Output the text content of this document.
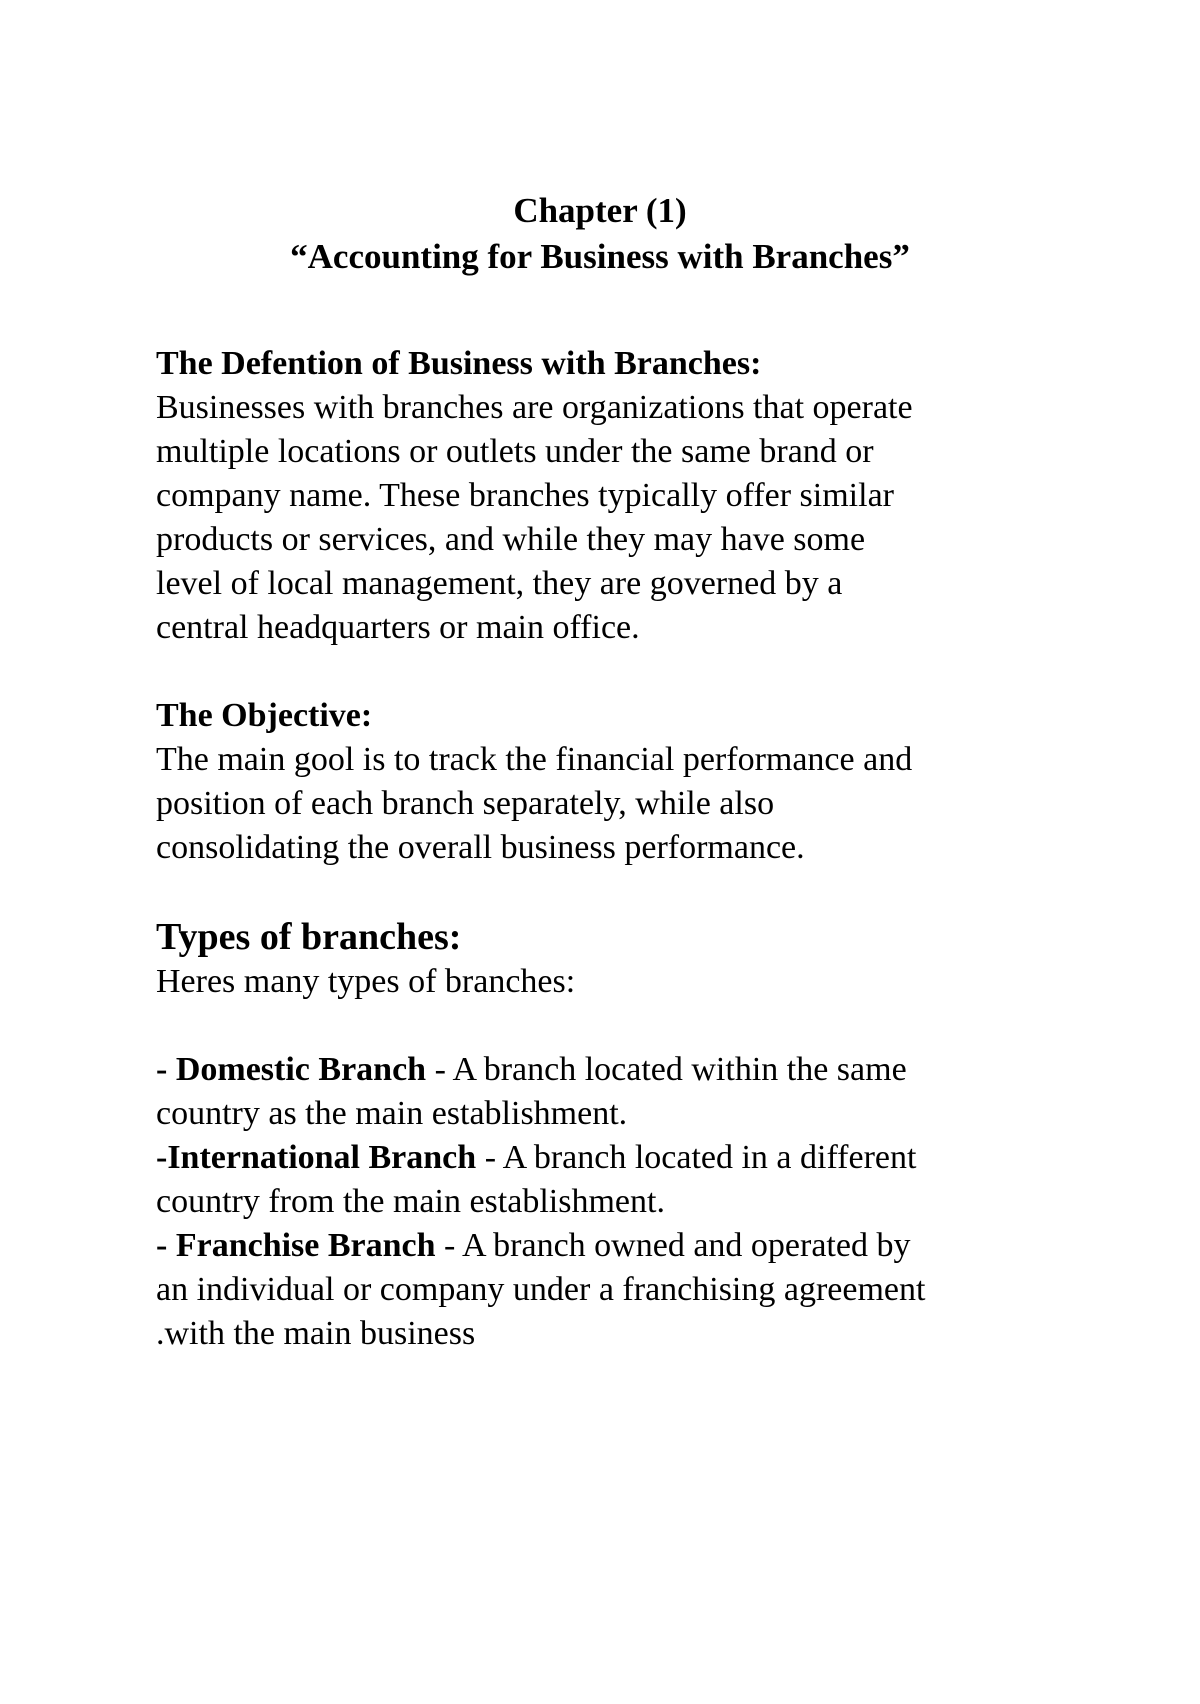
Chapter (1)
“Accounting for Business with Branches”
The Defention of Business with Branches:
Businesses with branches are organizations that operate
multiple locations or outlets under the same brand or
company name. These branches typically offer similar
products or services, and while they may have some
level of local management, they are governed by a
central headquarters or main office.
The Objective:
The main gool is to track the financial performance and
position of each branch separately, while also
consolidating the overall business performance.
Types of branches:
Heres many types of branches:
- Domestic Branch - A branch located within the same
country as the main establishment.
-International Branch - A branch located in a different
country from the main establishment.
- Franchise Branch - A branch owned and operated by
an individual or company under a franchising agreement
.with the main business
